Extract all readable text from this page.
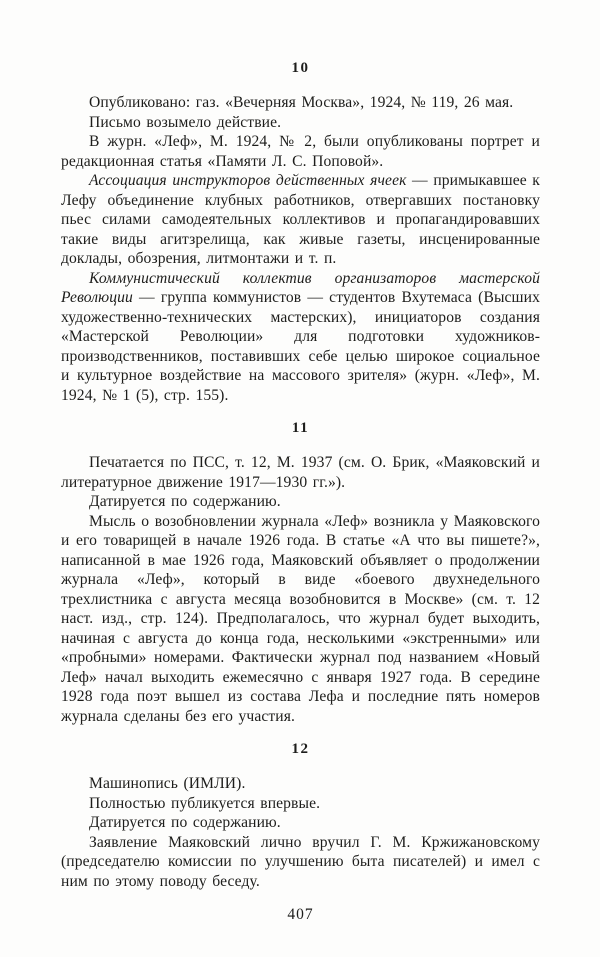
10

Опубликовано: газ. «Вечерняя Москва», 1924, № 119, 26 мая.

Письмо возымело действие.

В журн. «Леф», М. 1924, № 2, были опубликованы портрет и редакционная статья «Памяти Л. С. Поповой».

Ассоциация инструкторов действенных ячеек — примыкавшее к Лефу объединение клубных работников, отвергавших постановку пьес силами самодеятельных коллективов и пропагандировавших такие виды агитзрелища, как живые газеты, инсценированные доклады, обозрения, литмонтажи и т. п.

Коммунистический коллектив организаторов мастерской Революции — группа коммунистов — студентов Вхутемаса (Высших художественно-технических мастерских), инициаторов создания «Мастерской Революции» для подготовки художников-производственников, поставивших себе целью широкое социальное и культурное воздействие на массового зрителя» (журн. «Леф», М. 1924, № 1 (5), стр. 155).

11

Печатается по ПСС, т. 12, М. 1937 (см. О. Брик, «Маяковский и литературное движение 1917—1930 гг.»).

Датируется по содержанию.

Мысль о возобновлении журнала «Леф» возникла у Маяковского и его товарищей в начале 1926 года. В статье «А что вы пишете?», написанной в мае 1926 года, Маяковский объявляет о продолжении журнала «Леф», который в виде «боевого двухнедельного трехлистника с августа месяца возобновится в Москве» (см. т. 12 наст. изд., стр. 124). Предполагалось, что журнал будет выходить, начиная с августа до конца года, несколькими «экстренными» или «пробными» номерами. Фактически журнал под названием «Новый Леф» начал выходить ежемесячно с января 1927 года. В середине 1928 года поэт вышел из состава Лефа и последние пять номеров журнала сделаны без его участия.

12

Машинопись (ИМЛИ).

Полностью публикуется впервые.

Датируется по содержанию.

Заявление Маяковский лично вручил Г. М. Кржижановскому (председателю комиссии по улучшению быта писателей) и имел с ним по этому поводу беседу.

407
